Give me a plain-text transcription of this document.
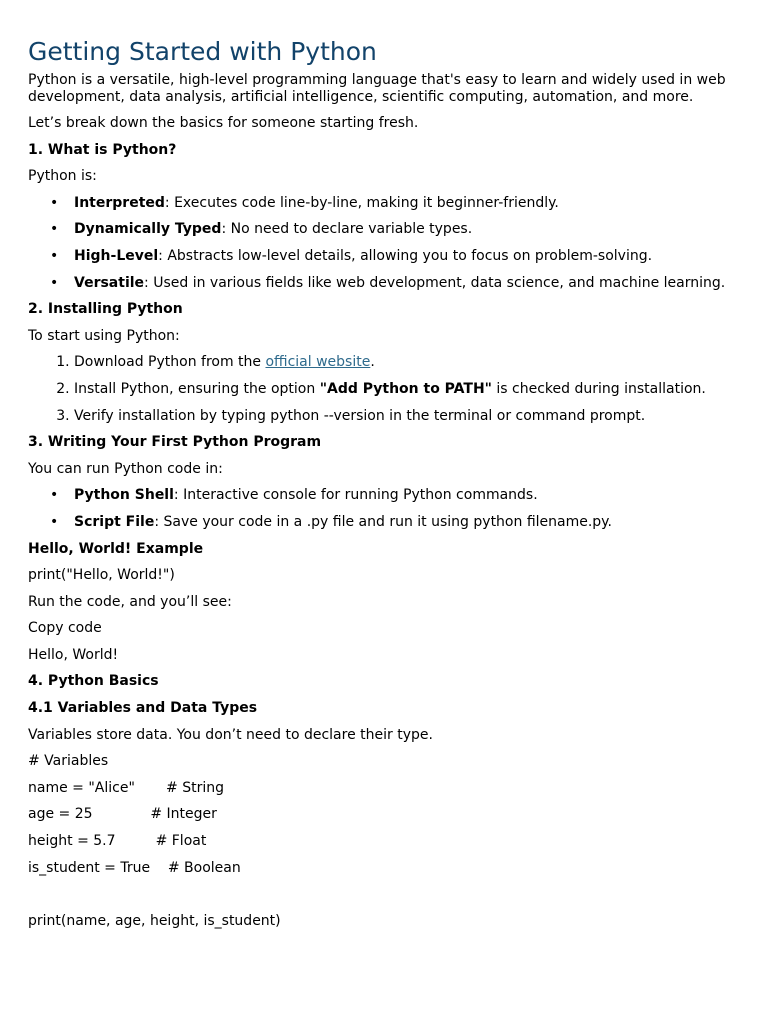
Getting Started with Python

Python is a versatile, high-level programming language that's easy to learn and widely used in web development, data analysis, artificial intelligence, scientific computing, automation, and more.

Let’s break down the basics for someone starting fresh.

1. What is Python?

Python is:

• Interpreted: Executes code line-by-line, making it beginner-friendly.
• Dynamically Typed: No need to declare variable types.
• High-Level: Abstracts low-level details, allowing you to focus on problem-solving.
• Versatile: Used in various fields like web development, data science, and machine learning.

2. Installing Python

To start using Python:

1. Download Python from the official website.
2. Install Python, ensuring the option "Add Python to PATH" is checked during installation.
3. Verify installation by typing python --version in the terminal or command prompt.

3. Writing Your First Python Program

You can run Python code in:

• Python Shell: Interactive console for running Python commands.
• Script File: Save your code in a .py file and run it using python filename.py.

Hello, World! Example

print("Hello, World!")

Run the code, and you’ll see:

Copy code

Hello, World!

4. Python Basics

4.1 Variables and Data Types

Variables store data. You don’t need to declare their type.

# Variables

name = "Alice"       # String

age = 25             # Integer

height = 5.7         # Float

is_student = True    # Boolean

print(name, age, height, is_student)
